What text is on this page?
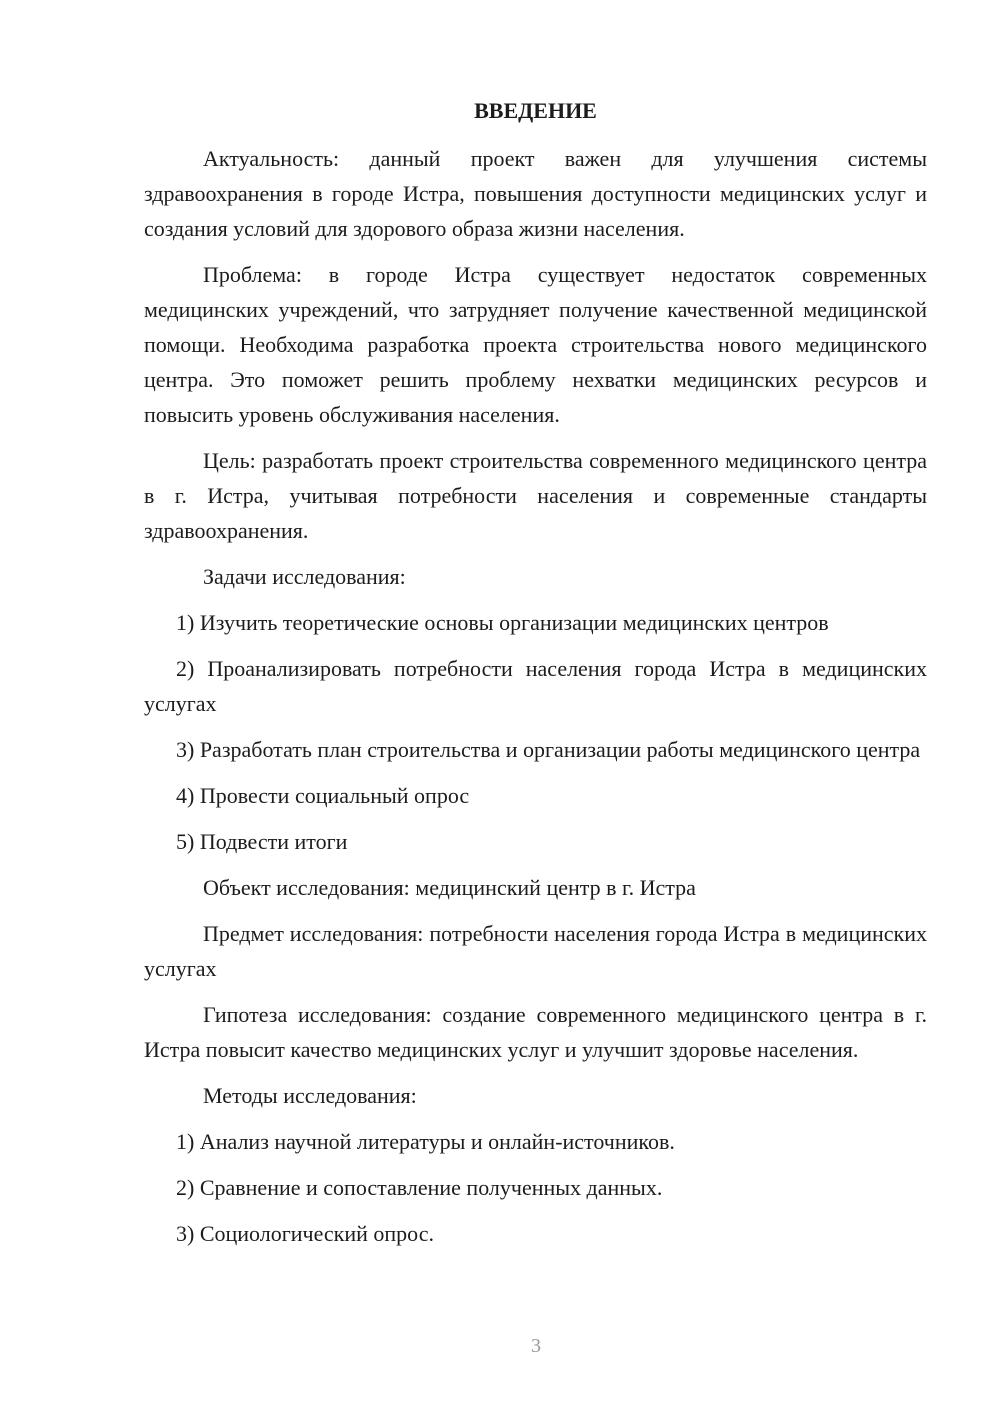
ВВЕДЕНИЕ

Актуальность: данный проект важен для улучшения системы здравоохранения в городе Истра, повышения доступности медицинских услуг и создания условий для здорового образа жизни населения.

Проблема: в городе Истра существует недостаток современных медицинских учреждений, что затрудняет получение качественной медицинской помощи. Необходима разработка проекта строительства нового медицинского центра. Это поможет решить проблему нехватки медицинских ресурсов и повысить уровень обслуживания населения.

Цель: разработать проект строительства современного медицинского центра в г. Истра, учитывая потребности населения и современные стандарты здравоохранения.

Задачи исследования:

1) Изучить теоретические основы организации медицинских центров

2) Проанализировать потребности населения города Истра в медицинских услугах

3) Разработать план строительства и организации работы медицинского центра

4) Провести социальный опрос

5) Подвести итоги

Объект исследования: медицинский центр в г. Истра

Предмет исследования: потребности населения города Истра в медицинских услугах

Гипотеза исследования: создание современного медицинского центра в г. Истра повысит качество медицинских услуг и улучшит здоровье населения.

Методы исследования:

1) Анализ научной литературы и онлайн-источников.

2) Сравнение и сопоставление полученных данных.

3) Социологический опрос.

3
